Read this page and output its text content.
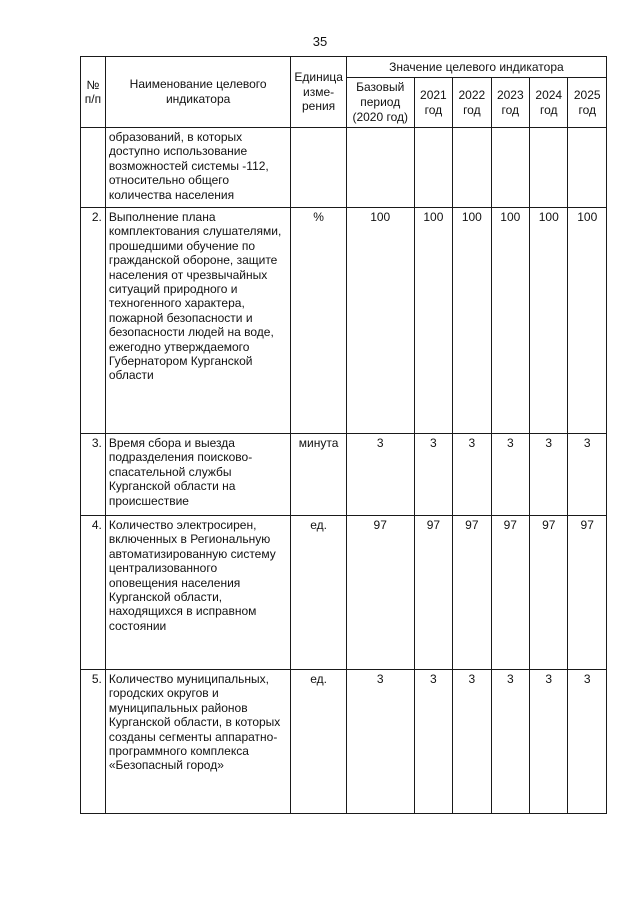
35
№ п/п	Наименование целевого индикатора	Единица изме-рения	Значение целевого индикатора					
			Базовый период (2020 год)	2021 год	2022 год	2023 год	2024 год	2025 год
	образований, в которых доступно использование возможностей системы -112, относительно общего количества населения							
2.	Выполнение плана комплектования слушателями, прошедшими обучение по гражданской обороне, защите населения от чрезвычайных ситуаций природного и техногенного характера, пожарной безопасности и безопасности людей на воде, ежегодно утверждаемого Губернатором Курганской области	%	100	100	100	100	100	100
3.	Время сбора и выезда подразделения поисково-спасательной службы Курганской области на происшествие	минута	3	3	3	3	3	3
4.	Количество электросирен, включенных в Региональную автоматизированную систему централизованного оповещения населения Курганской области, находящихся в исправном состоянии	ед.	97	97	97	97	97	97
5.	Количество муниципальных, городских округов и муниципальных районов Курганской области, в которых созданы сегменты аппаратно-программного комплекса «Безопасный город»	ед.	3	3	3	3	3	3
